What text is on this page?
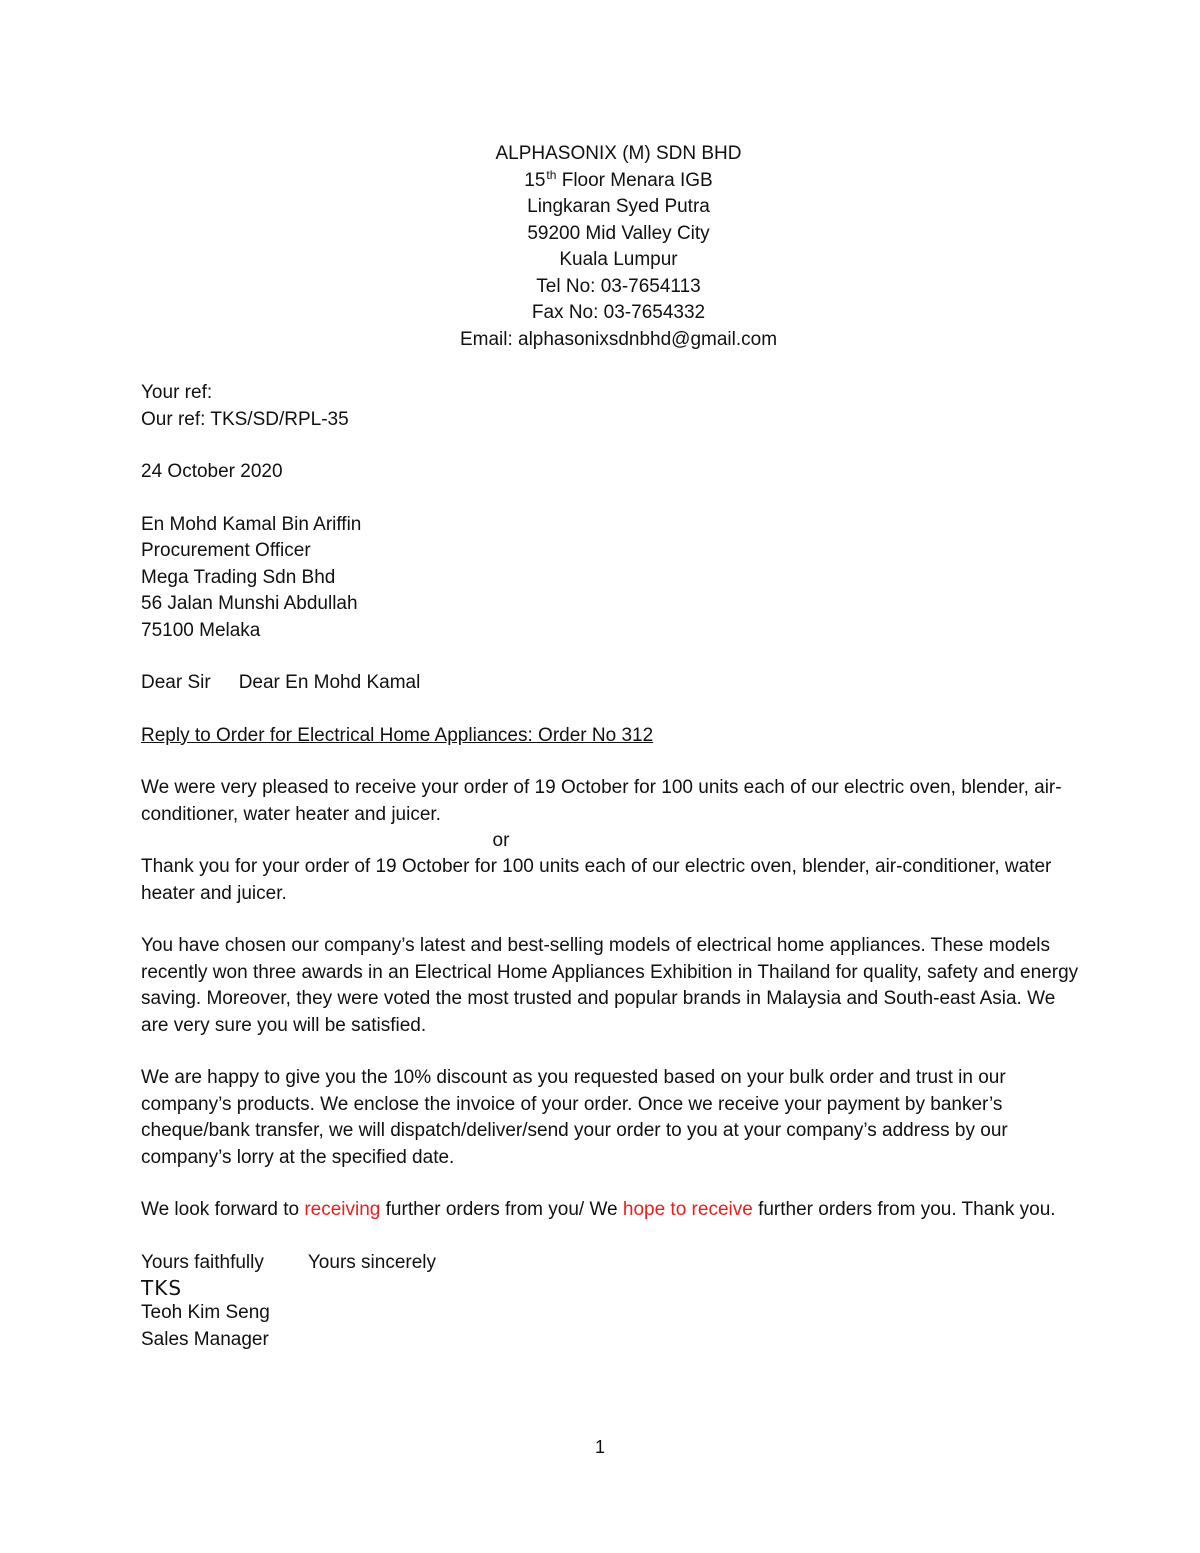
ALPHASONIX (M) SDN BHD
15th Floor Menara IGB
Lingkaran Syed Putra
59200 Mid Valley City
Kuala Lumpur
Tel No: 03-7654113
Fax No: 03-7654332
Email: alphasonixsdnbhd@gmail.com

Your ref:

Our ref: TKS/SD/RPL-35

24 October 2020

En Mohd Kamal Bin Ariffin

Procurement Officer

Mega Trading Sdn Bhd

56 Jalan Munshi Abdullah

75100 Melaka

Dear Sir Dear En Mohd Kamal

Reply to Order for Electrical Home Appliances: Order No 312

We were very pleased to receive your order of 19 October for 100 units each of our electric oven, blender, air-conditioner, water heater and juicer.

or

Thank you for your order of 19 October for 100 units each of our electric oven, blender, air-conditioner, water heater and juicer.

You have chosen our company’s latest and best-selling models of electrical home appliances. These models recently won three awards in an Electrical Home Appliances Exhibition in Thailand for quality, safety and energy saving. Moreover, they were voted the most trusted and popular brands in Malaysia and South-east Asia. We are very sure you will be satisfied.

We are happy to give you the 10% discount as you requested based on your bulk order and trust in our company’s products. We enclose the invoice of your order. Once we receive your payment by banker’s cheque/bank transfer, we will dispatch/deliver/send your order to you at your company’s address by our company’s lorry at the specified date.

We look forward to receiving further orders from you/ We hope to receive further orders from you. Thank you.

Yours faithfully Yours sincerely

TKS

Teoh Kim Seng

Sales Manager

1
